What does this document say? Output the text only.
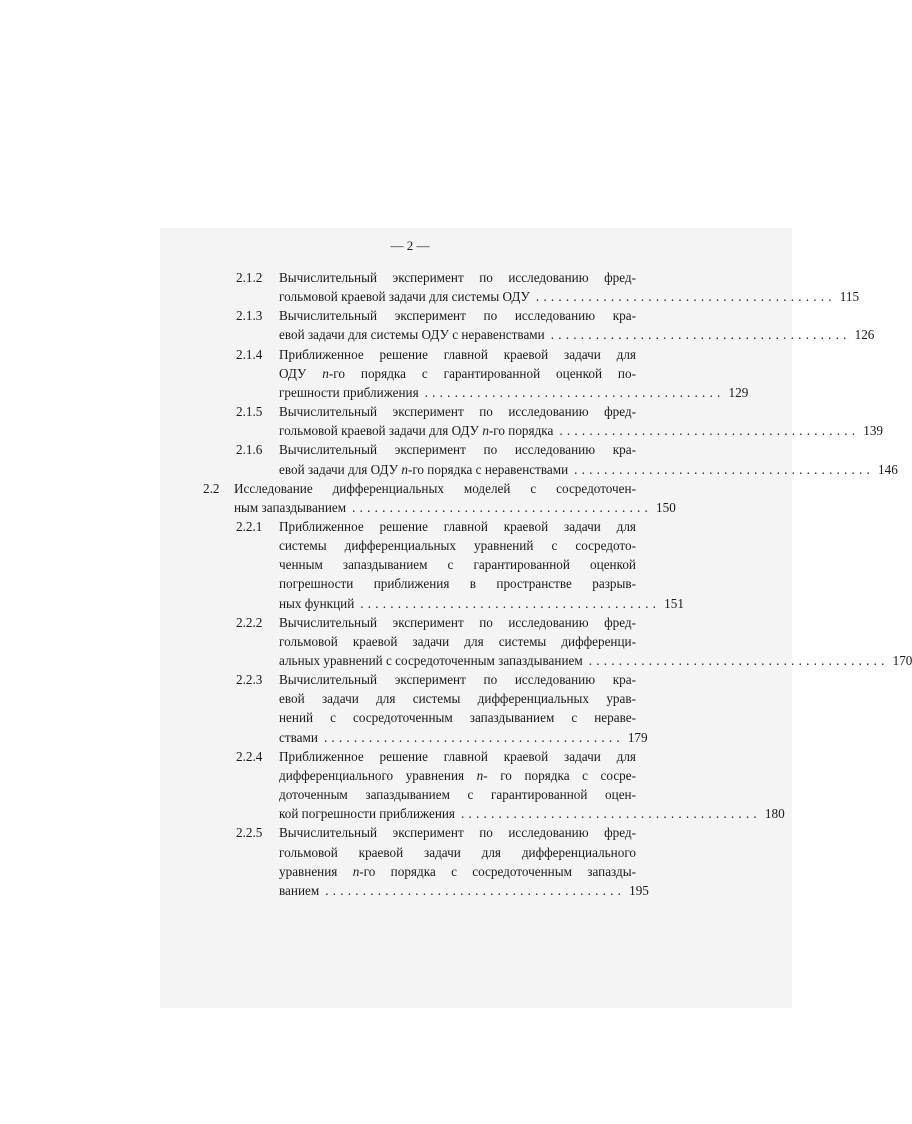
— 2 —
2.1.2 Вычислительный эксперимент по исследованию фред-
гольмовой краевой задачи для системы ОДУ ........................................ 115
2.1.3 Вычислительный эксперимент по исследованию кра-
евой задачи для системы ОДУ с неравенствами ........................................ 126
2.1.4 Приближенное решение главной краевой задачи для
ОДУ n-го порядка с гарантированной оценкой по-
грешности приближения ........................................ 129
2.1.5 Вычислительный эксперимент по исследованию фред-
гольмовой краевой задачи для ОДУ n-го порядка ........................................ 139
2.1.6 Вычислительный эксперимент по исследованию кра-
евой задачи для ОДУ n-го порядка с неравенствами ........................................ 146
2.2 Исследование дифференциальных моделей с сосредоточен-
ным запаздыванием ........................................ 150
2.2.1 Приближенное решение главной краевой задачи для
системы дифференциальных уравнений с сосредото-
ченным запаздыванием с гарантированной оценкой
погрешности приближения в пространстве разрыв-
ных функций ........................................ 151
2.2.2 Вычислительный эксперимент по исследованию фред-
гольмовой краевой задачи для системы дифференци-
альных уравнений с сосредоточенным запаздыванием ........................................ 170
2.2.3 Вычислительный эксперимент по исследованию кра-
евой задачи для системы дифференциальных урав-
нений с сосредоточенным запаздыванием с нераве-
ствами ........................................ 179
2.2.4 Приближенное решение главной краевой задачи для
дифференциального уравнения n- го порядка с сосре-
доточенным запаздыванием с гарантированной оцен-
кой погрешности приближения ........................................ 180
2.2.5 Вычислительный эксперимент по исследованию фред-
гольмовой краевой задачи для дифференциального
уравнения n-го порядка с сосредоточенным запазды-
ванием ........................................ 195
